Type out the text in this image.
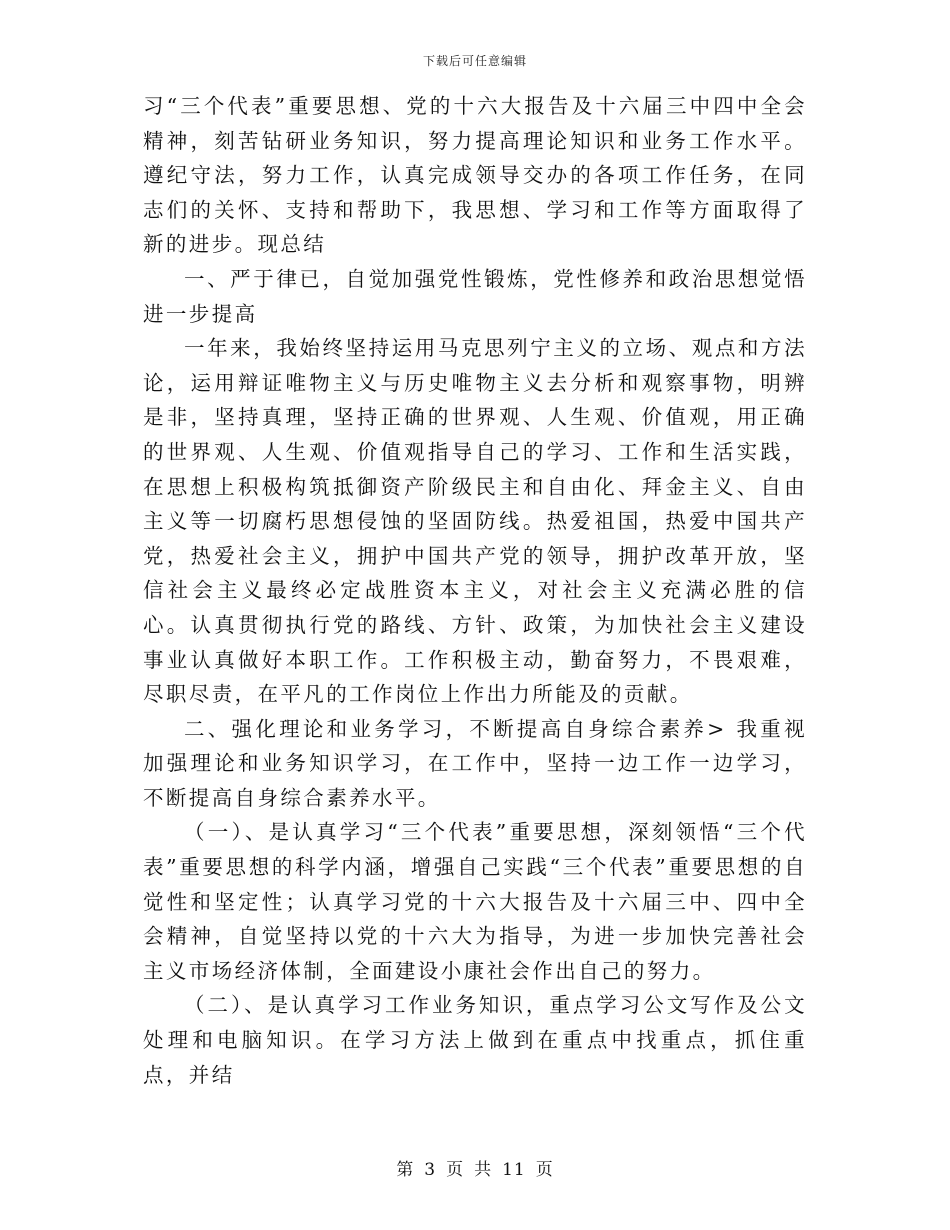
下载后可任意编辑

习“三个代表”重要思想、党的十六大报告及十六届三中四中全会精神，刻苦钻研业务知识，努力提高理论知识和业务工作水平。遵纪守法，努力工作，认真完成领导交办的各项工作任务，在同志们的关怀、支持和帮助下，我思想、学习和工作等方面取得了新的进步。现总结

一、严于律已，自觉加强党性锻炼，党性修养和政治思想觉悟进一步提高

一年来，我始终坚持运用马克思列宁主义的立场、观点和方法论，运用辩证唯物主义与历史唯物主义去分析和观察事物，明辨是非，坚持真理，坚持正确的世界观、人生观、价值观，用正确的世界观、人生观、价值观指导自己的学习、工作和生活实践，在思想上积极构筑抵御资产阶级民主和自由化、拜金主义、自由主义等一切腐朽思想侵蚀的坚固防线。热爱祖国，热爱中国共产党，热爱社会主义，拥护中国共产党的领导，拥护改革开放，坚信社会主义最终必定战胜资本主义，对社会主义充满必胜的信心。认真贯彻执行党的路线、方针、政策，为加快社会主义建设事业认真做好本职工作。工作积极主动，勤奋努力，不畏艰难，尽职尽责，在平凡的工作岗位上作出力所能及的贡献。

二、强化理论和业务学习，不断提高自身综合素养> 我重视加强理论和业务知识学习，在工作中，坚持一边工作一边学习，不断提高自身综合素养水平。

（一）、是认真学习“三个代表”重要思想，深刻领悟“三个代表”重要思想的科学内涵，增强自己实践“三个代表”重要思想的自觉性和坚定性；认真学习党的十六大报告及十六届三中、四中全会精神，自觉坚持以党的十六大为指导，为进一步加快完善社会主义市场经济体制，全面建设小康社会作出自己的努力。

（二）、是认真学习工作业务知识，重点学习公文写作及公文处理和电脑知识。在学习方法上做到在重点中找重点，抓住重点，并结

第 3 页 共 11 页
